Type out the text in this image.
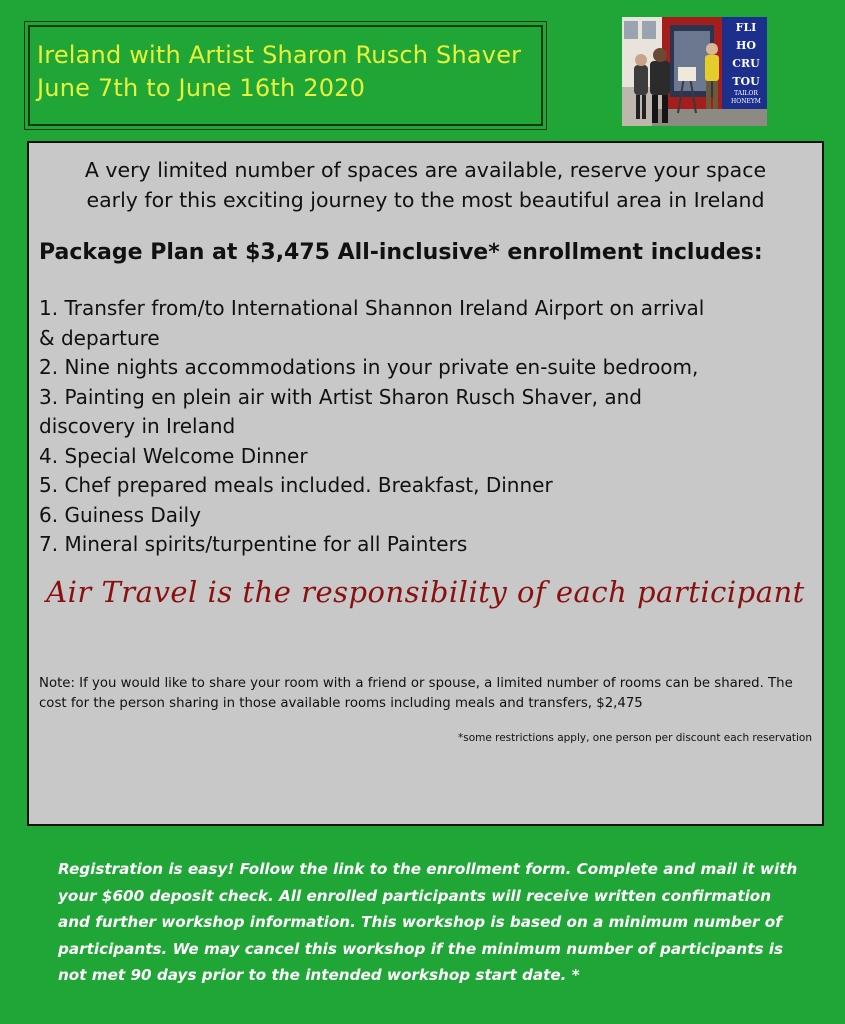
Ireland with Artist Sharon Rusch Shaver
June 7th to June 16th 2020
FLI
HO
CRU
TOU
TAILOR
HONEYM
A very limited number of spaces are available, reserve your space
early for this exciting journey to the most beautiful area in Ireland
Package Plan at $3,475 All-inclusive* enrollment includes:
1. Transfer from/to International Shannon Ireland Airport on arrival
& departure
2. Nine nights accommodations in your private en-suite bedroom,
3. Painting en plein air with Artist Sharon Rusch Shaver, and
discovery in Ireland
4. Special Welcome Dinner
5. Chef prepared meals included. Breakfast, Dinner
6. Guiness Daily
7. Mineral spirits/turpentine for all Painters
Air Travel is the responsibility of each participant
Note: If you would like to share your room with a friend or spouse, a limited number of rooms can be shared. The cost for the person sharing in those available rooms including meals and transfers, $2,475
*some restrictions apply, one person per discount each reservation
Registration is easy! Follow the link to the enrollment form. Complete and mail it with
your $600 deposit check. All enrolled participants will receive written confirmation
and further workshop information. This workshop is based on a minimum number of
participants. We may cancel this workshop if the minimum number of participants is
not met 90 days prior to the intended workshop start date. *
